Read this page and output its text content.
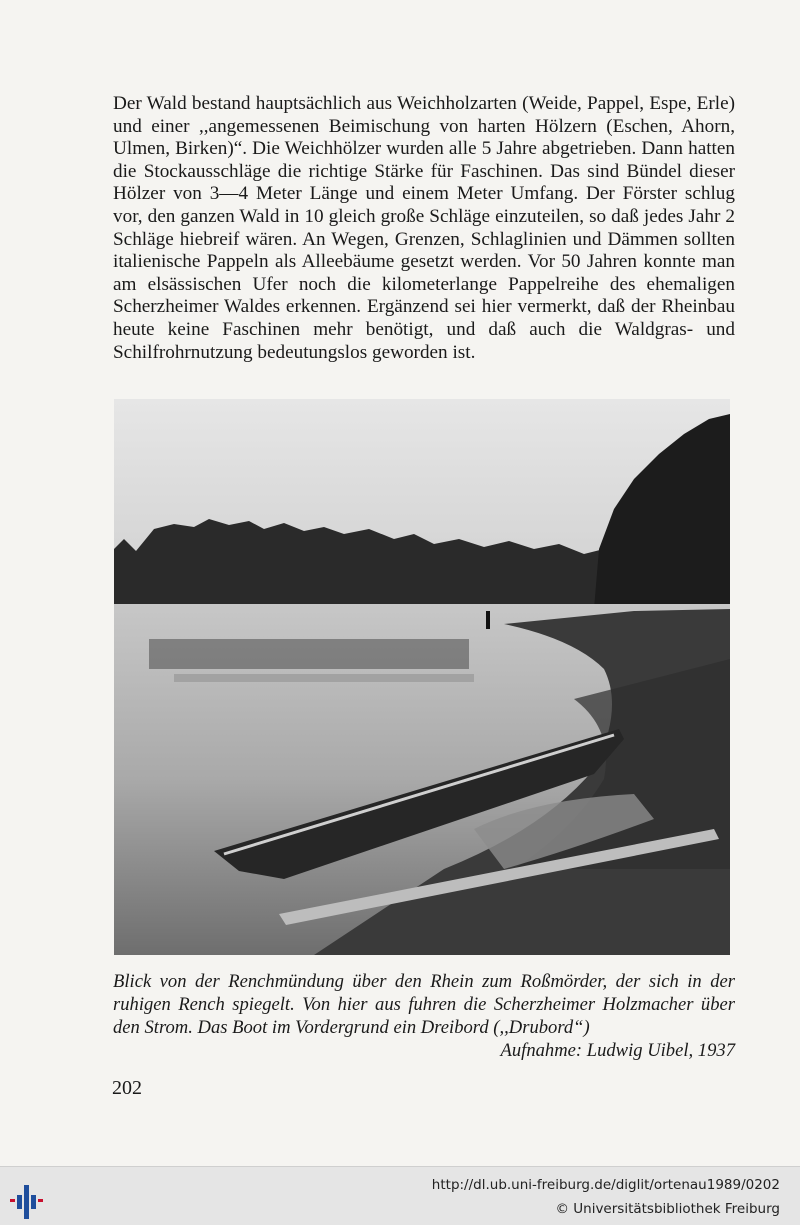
Der Wald bestand hauptsächlich aus Weichholzarten (Weide, Pappel, Espe, Erle) und einer ,,angemessenen Beimischung von harten Hölzern (Eschen, Ahorn, Ulmen, Birken)“. Die Weichhölzer wurden alle 5 Jahre abgetrieben. Dann hatten die Stockausschläge die richtige Stärke für Faschinen. Das sind Bündel dieser Hölzer von 3—4 Meter Länge und einem Meter Umfang. Der Förster schlug vor, den ganzen Wald in 10 gleich große Schläge einzuteilen, so daß jedes Jahr 2 Schläge hiebreif wären. An Wegen, Grenzen, Schlaglinien und Dämmen sollten italienische Pappeln als Alleebäume gesetzt werden. Vor 50 Jahren konnte man am elsässischen Ufer noch die kilometerlange Pappelreihe des ehemaligen Scherzheimer Waldes erkennen. Ergänzend sei hier vermerkt, daß der Rheinbau heute keine Faschinen mehr benötigt, und daß auch die Waldgras- und Schilfrohrnutzung bedeutungslos geworden ist.

Blick von der Renchmündung über den Rhein zum Roßmörder, der sich in der ruhigen Rench spiegelt. Von hier aus fuhren die Scherzheimer Holzmacher über den Strom. Das Boot im Vordergrund ein Dreibord (,,Drubord“)
Aufnahme: Ludwig Uibel, 1937

202
http://dl.ub.uni-freiburg.de/diglit/ortenau1989/0202
© Universitätsbibliothek Freiburg
